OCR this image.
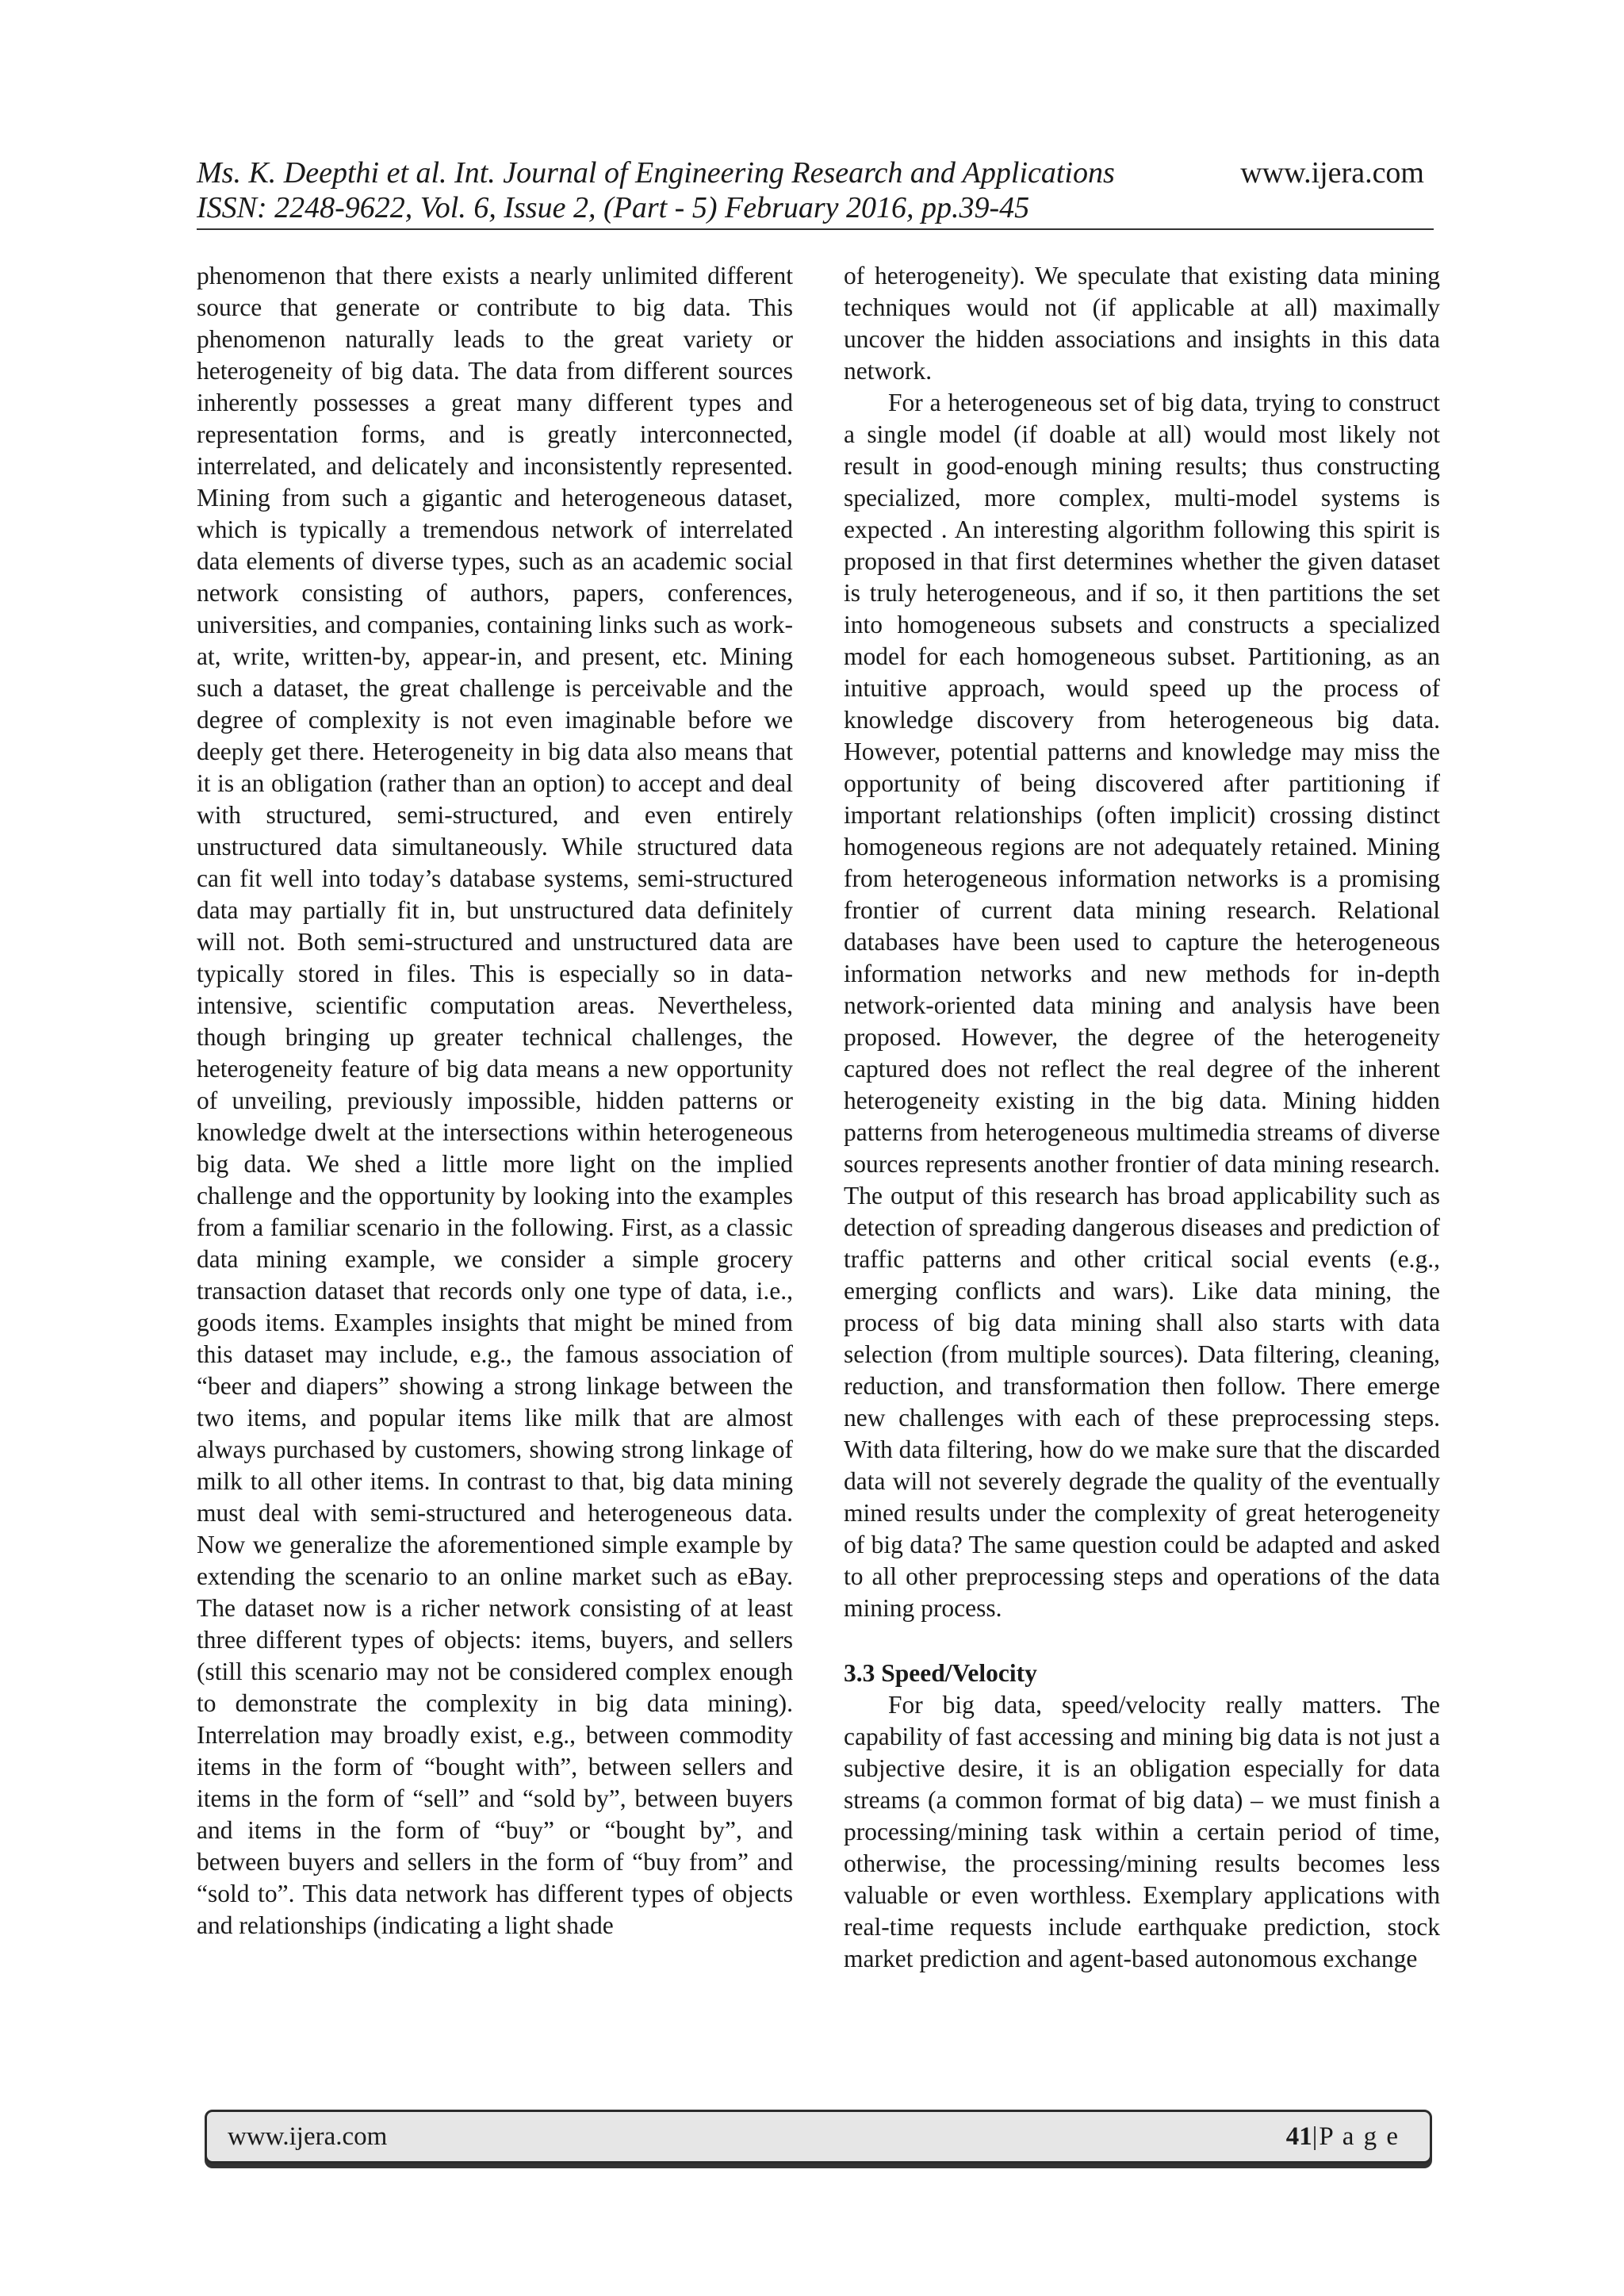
Ms. K. Deepthi et al. Int. Journal of Engineering Research and Applications
ISSN: 2248-9622, Vol. 6, Issue 2, (Part - 5) February 2016, pp.39-45
www.ijera.com

phenomenon that there exists a nearly unlimited different source that generate or contribute to big data. This phenomenon naturally leads to the great variety or heterogeneity of big data. The data from different sources inherently possesses a great many different types and representation forms, and is greatly interconnected, interrelated, and delicately and inconsistently represented. Mining from such a gigantic and heterogeneous dataset, which is typically a tremendous network of interrelated data elements of diverse types, such as an academic social network consisting of authors, papers, conferences, universities, and companies, containing links such as work-at, write, written-by, appear-in, and present, etc. Mining such a dataset, the great challenge is perceivable and the degree of complexity is not even imaginable before we deeply get there. Heterogeneity in big data also means that it is an obligation (rather than an option) to accept and deal with structured, semi-structured, and even entirely unstructured data simultaneously. While structured data can fit well into today’s database systems, semi-structured data may partially fit in, but unstructured data definitely will not. Both semi-structured and unstructured data are typically stored in files. This is especially so in data-intensive, scientific computation areas. Nevertheless, though bringing up greater technical challenges, the heterogeneity feature of big data means a new opportunity of unveiling, previously impossible, hidden patterns or knowledge dwelt at the intersections within heterogeneous big data. We shed a little more light on the implied challenge and the opportunity by looking into the examples from a familiar scenario in the following. First, as a classic data mining example, we consider a simple grocery transaction dataset that records only one type of data, i.e., goods items. Examples insights that might be mined from this dataset may include, e.g., the famous association of “beer and diapers” showing a strong linkage between the two items, and popular items like milk that are almost always purchased by customers, showing strong linkage of milk to all other items. In contrast to that, big data mining must deal with semi-structured and heterogeneous data. Now we generalize the aforementioned simple example by extending the scenario to an online market such as eBay. The dataset now is a richer network consisting of at least three different types of objects: items, buyers, and sellers (still this scenario may not be considered complex enough to demonstrate the complexity in big data mining). Interrelation may broadly exist, e.g., between commodity items in the form of “bought with”, between sellers and items in the form of “sell” and “sold by”, between buyers and items in the form of “buy” or “bought by”, and between buyers and sellers in the form of “buy from” and “sold to”. This data network has different types of objects and relationships (indicating a light shade

of heterogeneity). We speculate that existing data mining techniques would not (if applicable at all) maximally uncover the hidden associations and insights in this data network.

For a heterogeneous set of big data, trying to construct a single model (if doable at all) would most likely not result in good-enough mining results; thus constructing specialized, more complex, multi-model systems is expected . An interesting algorithm following this spirit is proposed in that first determines whether the given dataset is truly heterogeneous, and if so, it then partitions the set into homogeneous subsets and constructs a specialized model for each homogeneous subset. Partitioning, as an intuitive approach, would speed up the process of knowledge discovery from heterogeneous big data. However, potential patterns and knowledge may miss the opportunity of being discovered after partitioning if important relationships (often implicit) crossing distinct homogeneous regions are not adequately retained. Mining from heterogeneous information networks is a promising frontier of current data mining research. Relational databases have been used to capture the heterogeneous information networks and new methods for in-depth network-oriented data mining and analysis have been proposed. However, the degree of the heterogeneity captured does not reflect the real degree of the inherent heterogeneity existing in the big data. Mining hidden patterns from heterogeneous multimedia streams of diverse sources represents another frontier of data mining research. The output of this research has broad applicability such as detection of spreading dangerous diseases and prediction of traffic patterns and other critical social events (e.g., emerging conflicts and wars). Like data mining, the process of big data mining shall also starts with data selection (from multiple sources). Data filtering, cleaning, reduction, and transformation then follow. There emerge new challenges with each of these preprocessing steps. With data filtering, how do we make sure that the discarded data will not severely degrade the quality of the eventually mined results under the complexity of great heterogeneity of big data? The same question could be adapted and asked to all other preprocessing steps and operations of the data mining process.

3.3 Speed/Velocity

For big data, speed/velocity really matters. The capability of fast accessing and mining big data is not just a subjective desire, it is an obligation especially for data streams (a common format of big data) – we must finish a processing/mining task within a certain period of time, otherwise, the processing/mining results becomes less valuable or even worthless. Exemplary applications with real-time requests include earthquake prediction, stock market prediction and agent-based autonomous exchange

www.ijera.com	41|P a g e
